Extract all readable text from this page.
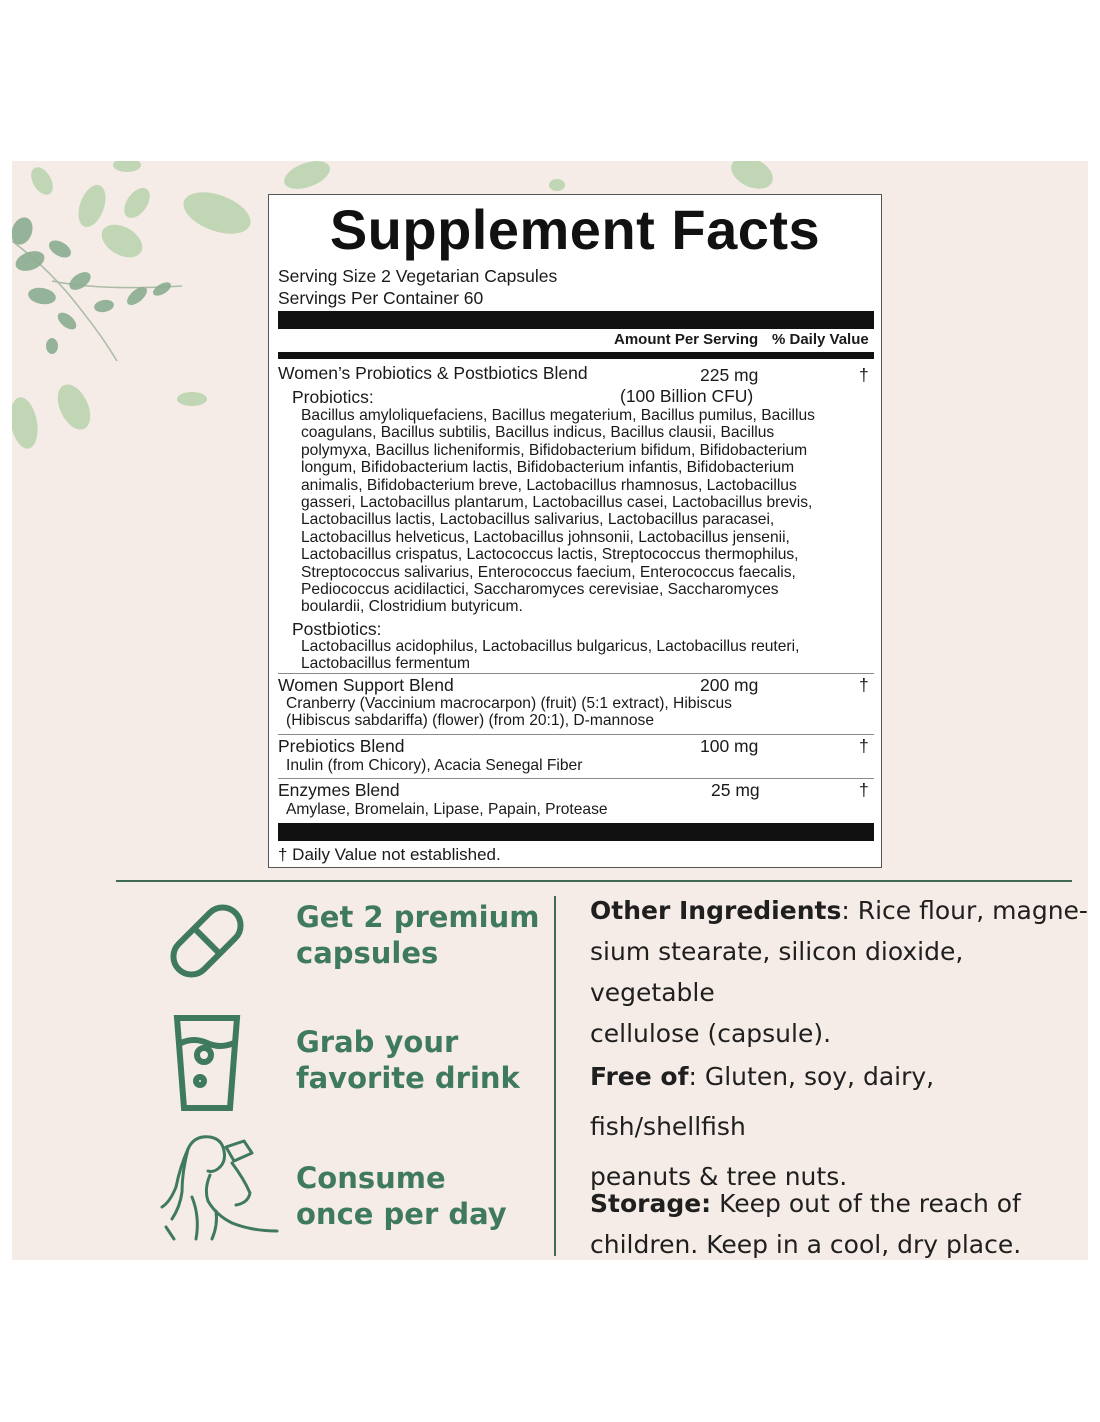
Supplement Facts
Serving Size 2 Vegetarian Capsules
Servings Per Container 60
Amount Per Serving % Daily Value
Women’s Probiotics & Postbiotics Blend	225 mg	†
Probiotics:	(100 Billion CFU)
Bacillus amyloliquefaciens, Bacillus megaterium, Bacillus pumilus, Bacillus
coagulans, Bacillus subtilis, Bacillus indicus, Bacillus clausii, Bacillus
polymyxa, Bacillus licheniformis, Bifidobacterium bifidum, Bifidobacterium
longum, Bifidobacterium lactis, Bifidobacterium infantis, Bifidobacterium
animalis, Bifidobacterium breve, Lactobacillus rhamnosus, Lactobacillus
gasseri, Lactobacillus plantarum, Lactobacillus casei, Lactobacillus brevis,
Lactobacillus lactis, Lactobacillus salivarius, Lactobacillus paracasei,
Lactobacillus helveticus, Lactobacillus johnsonii, Lactobacillus jensenii,
Lactobacillus crispatus, Lactococcus lactis, Streptococcus thermophilus,
Streptococcus salivarius, Enterococcus faecium, Enterococcus faecalis,
Pediococcus acidilactici, Saccharomyces cerevisiae, Saccharomyces
boulardii, Clostridium butyricum.
Postbiotics:
Lactobacillus acidophilus, Lactobacillus bulgaricus, Lactobacillus reuteri,
Lactobacillus fermentum
Women Support Blend	200 mg	†
Cranberry (Vaccinium macrocarpon) (fruit) (5:1 extract), Hibiscus
(Hibiscus sabdariffa) (flower) (from 20:1), D-mannose
Prebiotics Blend	100 mg	†
Inulin (from Chicory), Acacia Senegal Fiber
Enzymes Blend	25 mg	†
Amylase, Bromelain, Lipase, Papain, Protease
† Daily Value not established.
Get 2 premium
capsules
Grab your
favorite drink
Consume
once per day
Other Ingredients: Rice flour, magne-
sium stearate, silicon dioxide, vegetable
cellulose (capsule).
Free of: Gluten, soy, dairy, fish/shellfish
peanuts & tree nuts.
Storage: Keep out of the reach of
children. Keep in a cool, dry place.
